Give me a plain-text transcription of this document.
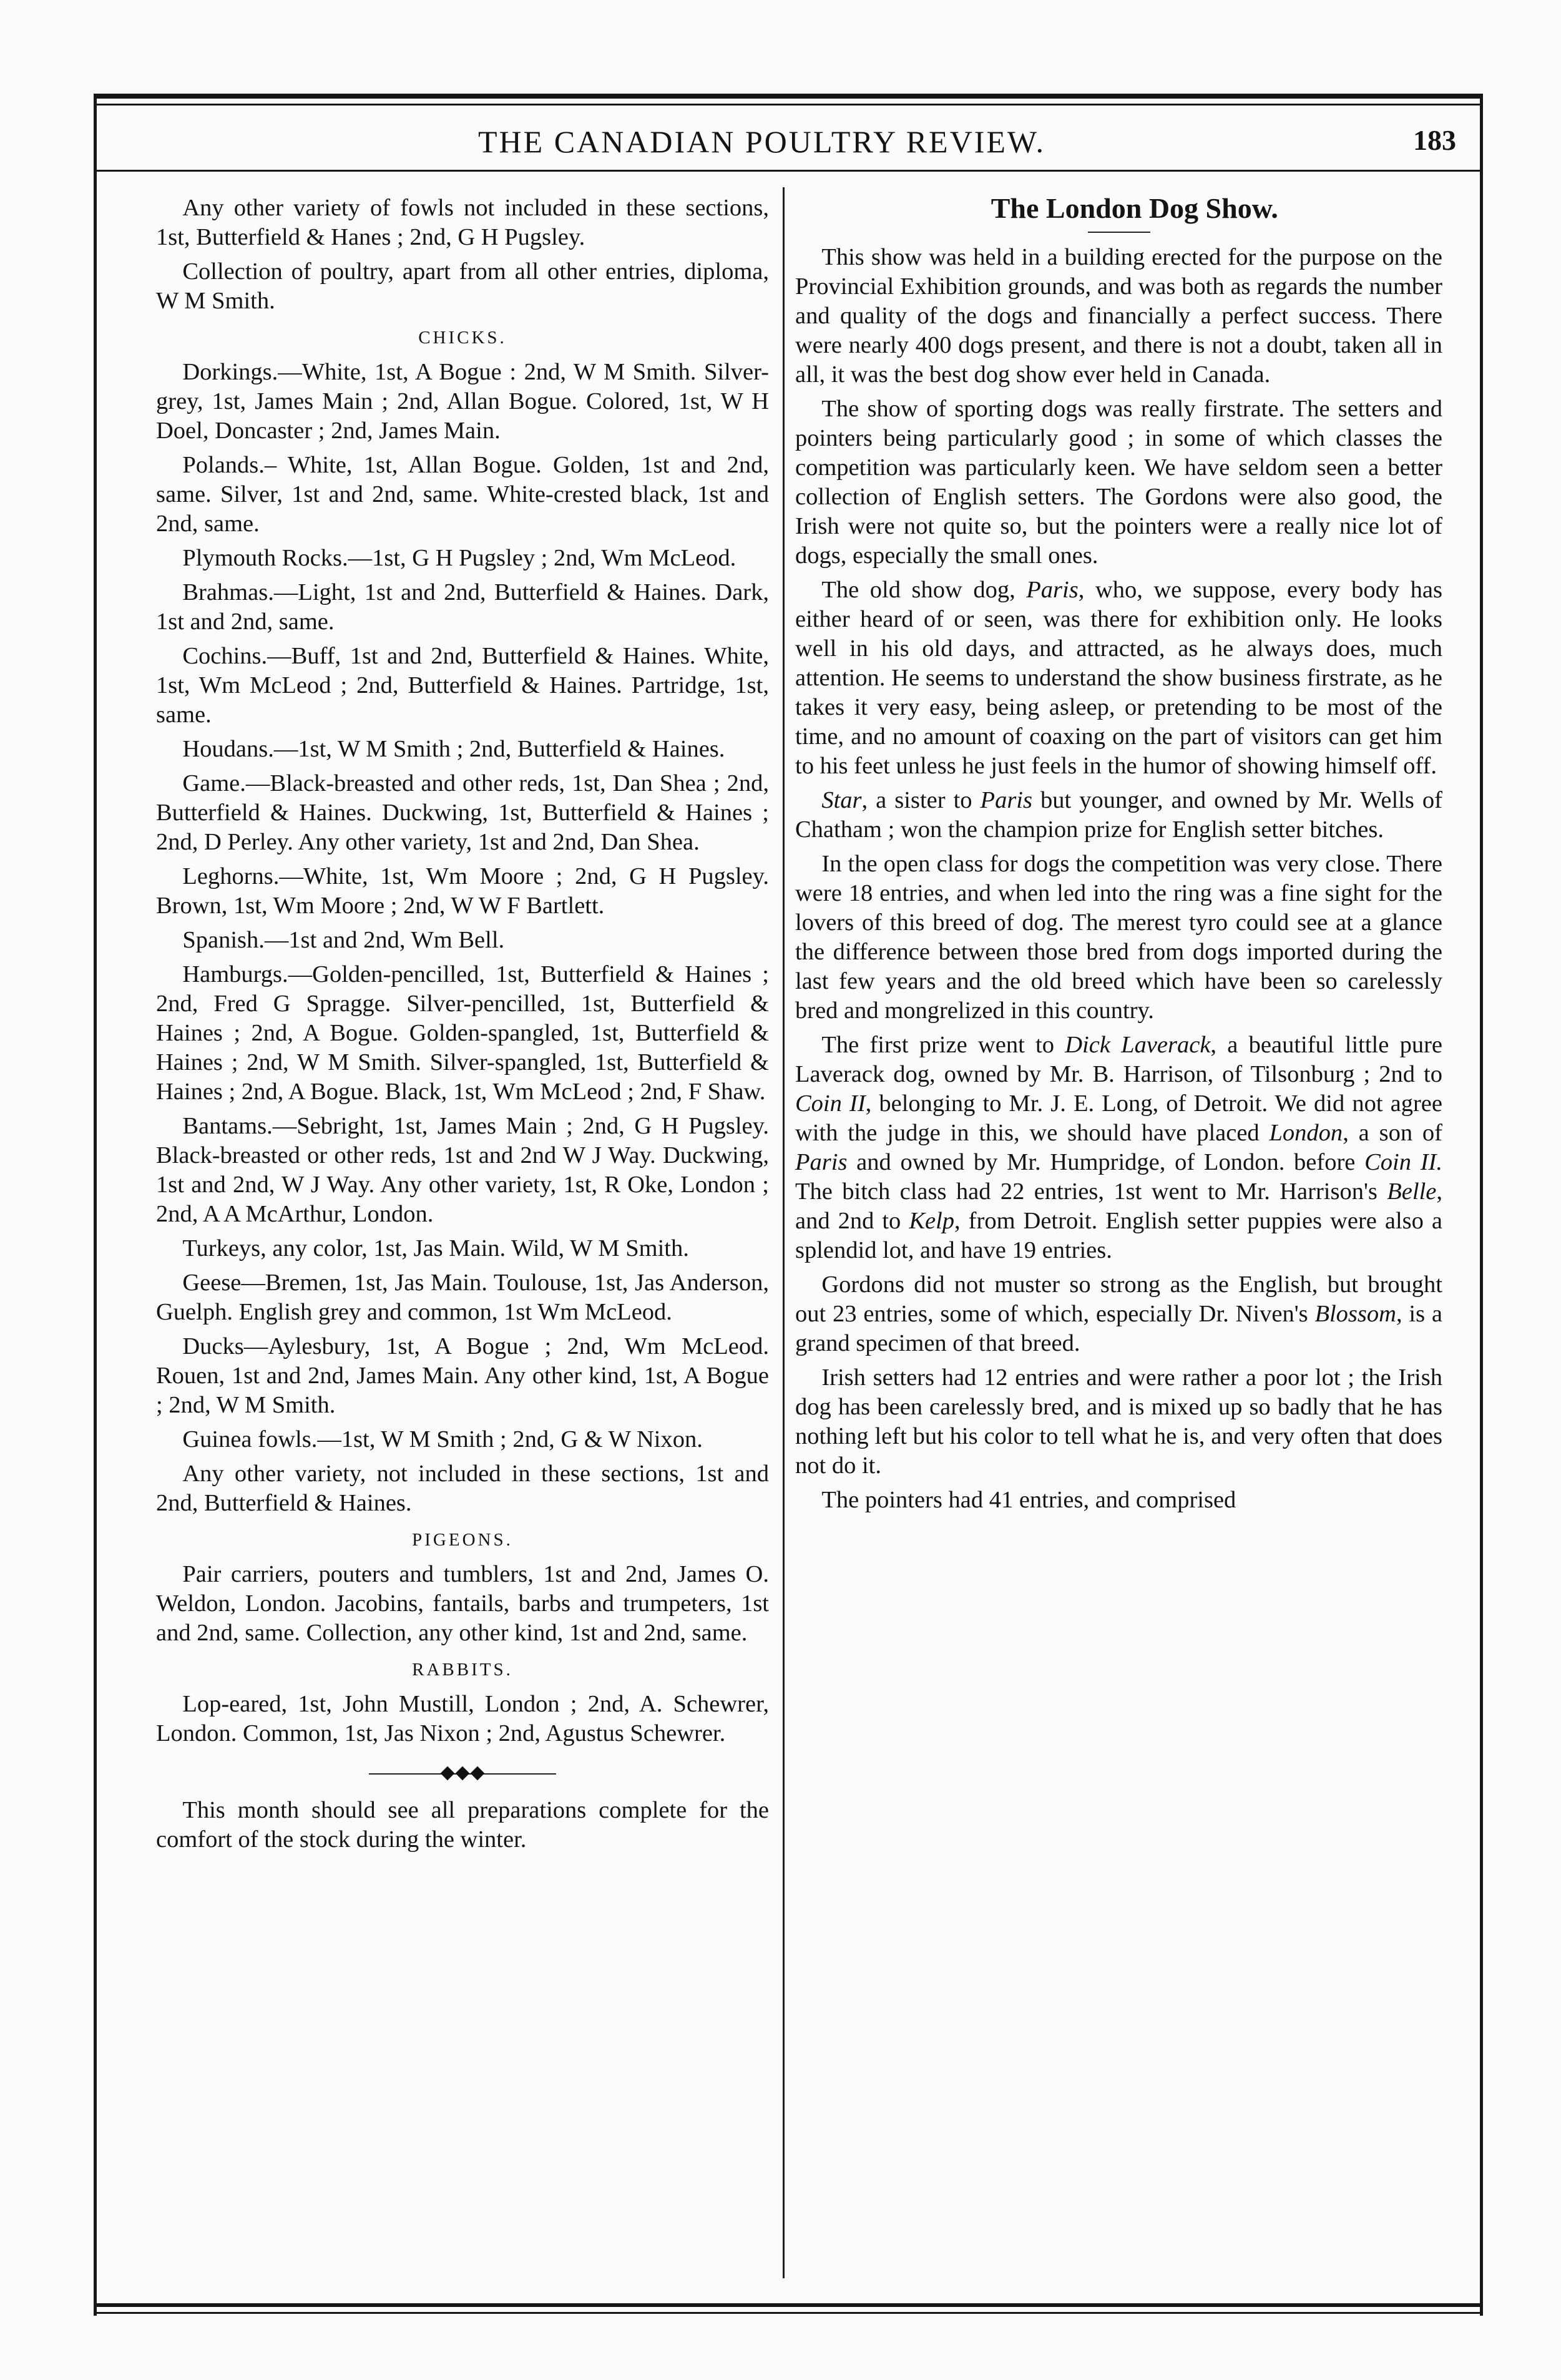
THE CANADIAN POULTRY REVIEW.	183

Any other variety of fowls not included in these sections, 1st, Butterfield & Hanes ; 2nd, G H Pugsley.

Collection of poultry, apart from all other entries, diploma, W M Smith.

CHICKS.

Dorkings.—White, 1st, A Bogue : 2nd, W M Smith. Silver-grey, 1st, James Main ; 2nd, Allan Bogue. Colored, 1st, W H Doel, Doncaster ; 2nd, James Main.

Polands.– White, 1st, Allan Bogue. Golden, 1st and 2nd, same. Silver, 1st and 2nd, same. White-crested black, 1st and 2nd, same.

Plymouth Rocks.—1st, G H Pugsley ; 2nd, Wm McLeod.

Brahmas.—Light, 1st and 2nd, Butterfield & Haines. Dark, 1st and 2nd, same.

Cochins.—Buff, 1st and 2nd, Butterfield & Haines. White, 1st, Wm McLeod ; 2nd, Butterfield & Haines. Partridge, 1st, same.

Houdans.—1st, W M Smith ; 2nd, Butterfield & Haines.

Game.—Black-breasted and other reds, 1st, Dan Shea ; 2nd, Butterfield & Haines. Duckwing, 1st, Butterfield & Haines ; 2nd, D Perley. Any other variety, 1st and 2nd, Dan Shea.

Leghorns.—White, 1st, Wm Moore ; 2nd, G H Pugsley. Brown, 1st, Wm Moore ; 2nd, W W F Bartlett.

Spanish.—1st and 2nd, Wm Bell.

Hamburgs.—Golden-pencilled, 1st, Butterfield & Haines ; 2nd, Fred G Spragge. Silver-pencilled, 1st, Butterfield & Haines ; 2nd, A Bogue. Golden-spangled, 1st, Butterfield & Haines ; 2nd, W M Smith. Silver-spangled, 1st, Butterfield & Haines ; 2nd, A Bogue. Black, 1st, Wm McLeod ; 2nd, F Shaw.

Bantams.—Sebright, 1st, James Main ; 2nd, G H Pugsley. Black-breasted or other reds, 1st and 2nd W J Way. Duckwing, 1st and 2nd, W J Way. Any other variety, 1st, R Oke, London ; 2nd, A A McArthur, London.

Turkeys, any color, 1st, Jas Main. Wild, W M Smith.

Geese—Bremen, 1st, Jas Main. Toulouse, 1st, Jas Anderson, Guelph. English grey and common, 1st Wm McLeod.

Ducks—Aylesbury, 1st, A Bogue ; 2nd, Wm McLeod. Rouen, 1st and 2nd, James Main. Any other kind, 1st, A Bogue ; 2nd, W M Smith.

Guinea fowls.—1st, W M Smith ; 2nd, G & W Nixon.

Any other variety, not included in these sections, 1st and 2nd, Butterfield & Haines.

PIGEONS.

Pair carriers, pouters and tumblers, 1st and 2nd, James O. Weldon, London. Jacobins, fantails, barbs and trumpeters, 1st and 2nd, same. Collection, any other kind, 1st and 2nd, same.

RABBITS.

Lop-eared, 1st, John Mustill, London ; 2nd, A. Schewrer, London. Common, 1st, Jas Nixon ; 2nd, Agustus Schewrer.

This month should see all preparations complete for the comfort of the stock during the winter.

The London Dog Show.

This show was held in a building erected for the purpose on the Provincial Exhibition grounds, and was both as regards the number and quality of the dogs and financially a perfect success. There were nearly 400 dogs present, and there is not a doubt, taken all in all, it was the best dog show ever held in Canada.

The show of sporting dogs was really firstrate. The setters and pointers being particularly good ; in some of which classes the competition was particularly keen. We have seldom seen a better collection of English setters. The Gordons were also good, the Irish were not quite so, but the pointers were a really nice lot of dogs, especially the small ones.

The old show dog, Paris, who, we suppose, every body has either heard of or seen, was there for exhibition only. He looks well in his old days, and attracted, as he always does, much attention. He seems to understand the show business firstrate, as he takes it very easy, being asleep, or pretending to be most of the time, and no amount of coaxing on the part of visitors can get him to his feet unless he just feels in the humor of showing himself off.

Star, a sister to Paris but younger, and owned by Mr. Wells of Chatham ; won the champion prize for English setter bitches.

In the open class for dogs the competition was very close. There were 18 entries, and when led into the ring was a fine sight for the lovers of this breed of dog. The merest tyro could see at a glance the difference between those bred from dogs imported during the last few years and the old breed which have been so carelessly bred and mongrelized in this country.

The first prize went to Dick Laverack, a beautiful little pure Laverack dog, owned by Mr. B. Harrison, of Tilsonburg ; 2nd to Coin II, belonging to Mr. J. E. Long, of Detroit. We did not agree with the judge in this, we should have placed London, a son of Paris and owned by Mr. Humpridge, of London. before Coin II. The bitch class had 22 entries, 1st went to Mr. Harrison's Belle, and 2nd to Kelp, from Detroit. English setter puppies were also a splendid lot, and have 19 entries.

Gordons did not muster so strong as the English, but brought out 23 entries, some of which, especially Dr. Niven's Blossom, is a grand specimen of that breed.

Irish setters had 12 entries and were rather a poor lot ; the Irish dog has been carelessly bred, and is mixed up so badly that he has nothing left but his color to tell what he is, and very often that does not do it.

The pointers had 41 entries, and comprised
